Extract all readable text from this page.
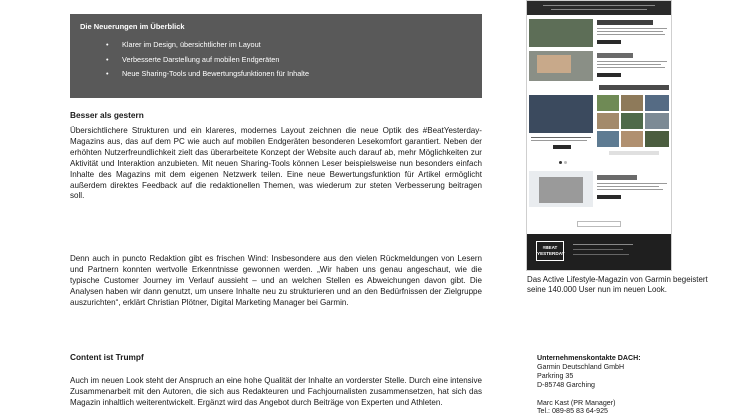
Die Neuerungen im Überblick
• Klarer im Design, übersichtlicher im Layout
• Verbesserte Darstellung auf mobilen Endgeräten
• Neue Sharing-Tools und Bewertungsfunktionen für Inhalte
Besser als gestern

Übersichtlichere Strukturen und ein klareres, modernes Layout zeichnen die neue Optik des #BeatYesterday-Magazins aus, das auf dem PC wie auch auf mobilen Endgeräten besonderen Lesekomfort garantiert. Neben der erhöhten Nutzerfreundlichkeit zielt das überarbeitete Konzept der Website auch darauf ab, mehr Möglichkeiten zur Aktivität und Interaktion anzubieten. Mit neuen Sharing-Tools können Leser beispielsweise nun besonders einfach Inhalte des Magazins mit dem eigenen Netzwerk teilen. Eine neue Bewertungsfunktion für Artikel ermöglicht außerdem direktes Feedback auf die redaktionellen Themen, was wiederum zur steten Verbesserung beitragen soll.

Denn auch in puncto Redaktion gibt es frischen Wind: Insbesondere aus den vielen Rückmeldungen von Lesern und Partnern konnten wertvolle Erkenntnisse gewonnen werden. „Wir haben uns genau angeschaut, wie die typische Customer Journey im Verlauf aussieht – und an welchen Stellen es Abweichungen davon gibt. Die Analysen haben wir dann genutzt, um unsere Inhalte neu zu strukturieren und an den Bedürfnissen der Zielgruppe auszurichten“, erklärt Christian Plötner, Digital Marketing Manager bei Garmin.

Content ist Trumpf

Auch im neuen Look steht der Anspruch an eine hohe Qualität der Inhalte an vorderster Stelle. Durch eine intensive Zusammenarbeit mit den Autoren, die sich aus Redakteuren und Fachjournalisten zusammensetzen, hat sich das Magazin inhaltlich weiterentwickelt. Ergänzt wird das Angebot durch Beiträge von Experten und Athleten.

#BEAT
YESTERDAY

Das Active Lifestyle-Magazin von Garmin begeistert seine 140.000 User nun im neuen Look.

Unternehmenskontakte DACH:
Garmin Deutschland GmbH
Parkring 35
D-85748 Garching
Marc Kast (PR Manager)
Tel.: 089-85 83 64-925
